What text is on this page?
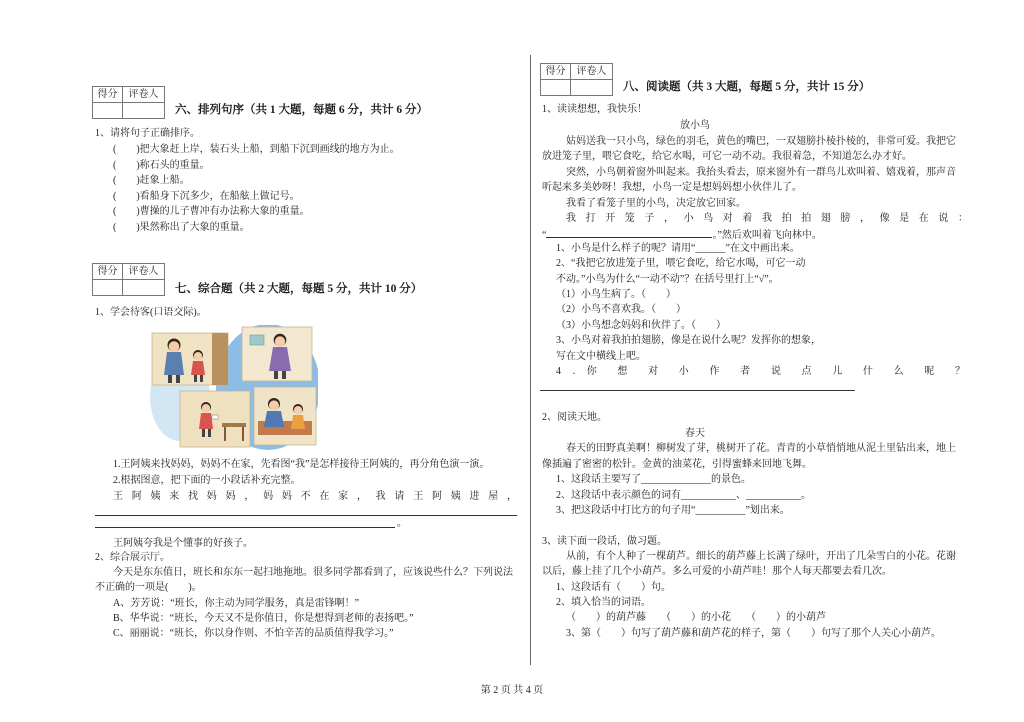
得分	评卷人

六、排列句序（共 1 大题，每题 6 分，共计 6 分）
1、请将句子正确排序。
(　　)把大象赶上岸，装石头上船，到船下沉到画线的地方为止。
(　　)称石头的重量。
(　　)赶象上船。
(　　)看船身下沉多少，在船舷上做记号。
(　　)曹操的儿子曹冲有办法称大象的重量。
(　　)果然称出了大象的重量。
得分	评卷人

七、综合题（共 2 大题，每题 5 分，共计 10 分）
1、学会待客(口语交际)。
1.王阿姨来找妈妈，妈妈不在家，先看图“我”是怎样接待王阿姨的，再分角色演一演。
2.根据图意，把下面的一小段话补充完整。
王 阿 姨 来 找 妈 妈 ， 妈 妈 不 在 家 ， 我 请 王 阿 姨 进 屋 ，
。
王阿姨夸我是个懂事的好孩子。
2、综合展示厅。
今天是东东值日，班长和东东一起扫地拖地。很多同学都看到了，应该说些什么？下列说法
不正确的一项是(　　)。
A、芳芳说：“班长，你主动为同学服务，真是雷锋啊！”
B、华华说：“班长，今天又不是你值日，你是想得到老师的表扬吧。”
C、丽丽说：“班长，你以身作则、不怕辛苦的品质值得我学习。”
得分	评卷人

八、阅读题（共 3 大题，每题 5 分，共计 15 分）
1、读读想想，我快乐！
放小鸟
姑妈送我一只小鸟，绿色的羽毛，黄色的嘴巴，一双翅膀扑棱扑棱的，非常可爱。我把它
放进笼子里，喂它食吃，给它水喝，可它一动不动。我很着急，不知道怎么办才好。
突然，小鸟朝着窗外叫起来。我抬头看去，原来窗外有一群鸟儿欢叫着、嬉戏着，那声音
听起来多美妙呀！我想，小鸟一定是想妈妈想小伙伴儿了。
我看了看笼子里的小鸟，决定放它回家。
我 打 开 笼 子 ， 小 鸟 对 着 我 拍 拍 翅 膀 ， 像 是 在 说 ：
“	。”然后欢叫着飞向林中。
1、小鸟是什么样子的呢？请用“______”在文中画出来。
2、“我把它放进笼子里，喂它食吃，给它水喝，可它一动
不动。”小鸟为什么“一动不动”？在括号里打上“√”。
（1）小鸟生病了。（　　）
（2）小鸟不喜欢我。（　　）
（3）小鸟想念妈妈和伙伴了。（　　）
3、小鸟对着我拍拍翅膀，像是在说什么呢？发挥你的想象，
写在文中横线上吧。
4 . 你 想 对 小 作 者 说 点 儿 什 么 呢 ？
2、阅读天地。
春天
春天的田野真美啊！柳树发了芽，桃树开了花。青青的小草悄悄地从泥土里钻出来，地上
像插遍了密密的松针。金黄的油菜花，引得蜜蜂来回地飞舞。
1、这段话主要写了______________的景色。
2、这段话中表示颜色的词有___________、___________。
3、把这段话中打比方的句子用“__________”划出来。
3、读下面一段话，做习题。
从前，有个人种了一棵葫芦。细长的葫芦藤上长满了绿叶，开出了几朵雪白的小花。花谢
以后，藤上挂了几个小葫芦。多么可爱的小葫芦哇！那个人每天都要去看几次。
1、这段话有（　　）句。
2、填入恰当的词语。
（　　）的葫芦藤　　（　　）的小花　　（　　）的小葫芦
3、第（　　）句写了葫芦藤和葫芦花的样子，第（　　）句写了那个人关心小葫芦。
第 2 页 共 4 页
